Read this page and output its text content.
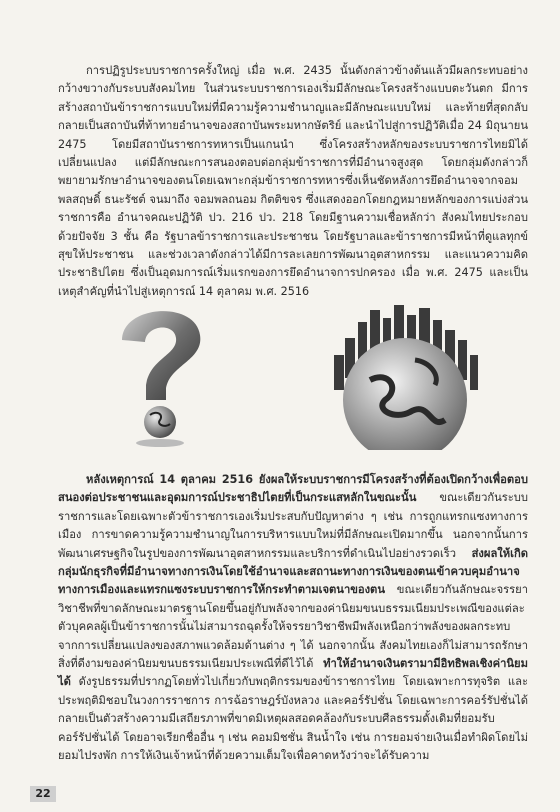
การปฏิรูประบบราชการครั้งใหญ่ เมื่อ พ.ศ. 2435 นั้นดังกล่าวข้างต้นแล้วมีผลกระทบอย่างกว้างขวางกับระบบสังคมไทย ในส่วนระบบราชการเองเริ่มมีลักษณะโครงสร้างแบบตะวันตก มีการสร้างสถาบันข้าราชการแบบใหม่ที่มีความรู้ความชำนาญและมีลักษณะแบบใหม่ และท้ายที่สุดกลับกลายเป็นสถาบันที่ท้าทายอำนาจของสถาบันพระมหากษัตริย์ และนำไปสู่การปฏิวัติเมื่อ 24 มิถุนายน 2475 โดยมีสถาบันราชการทหารเป็นแกนนำ ซึ่งโครงสร้างหลักของระบบราชการไทยมิได้เปลี่ยนแปลง แต่มีลักษณะการสนองตอบต่อกลุ่มข้าราชการที่มีอำนาจสูงสุด โดยกลุ่มดังกล่าวก็พยายามรักษาอำนาจของตนโดยเฉพาะกลุ่มข้าราชการทหารซึ่งเห็นชัดหลังการยึดอำนาจจากจอมพลสฤษดิ์ ธนะรัชต์ จนมาถึง จอมพลถนอม กิตติขจร ซึ่งแสดงออกโดยกฎหมายหลักของการแบ่งส่วนราชการคือ อำนาจคณะปฏิวัติ ปว. 216 ปว. 218 โดยมีฐานความเชื่อหลักว่า สังคมไทยประกอบด้วยปัจจัย 3 ชั้น คือ รัฐบาลข้าราชการและประชาชน โดยรัฐบาลและข้าราชการมีหน้าที่ดูแลทุกข์สุขให้ประชาชน และช่วงเวลาดังกล่าวได้มีการละเลยการพัฒนาอุตสาหกรรม และแนวความคิดประชาธิปไตย ซึ่งเป็นอุดมการณ์เริ่มแรกของการยึดอำนาจการปกครอง เมื่อ พ.ศ. 2475 และเป็นเหตุสำคัญที่นำไปสู่เหตุการณ์ 14 ตุลาคม พ.ศ. 2516

หลังเหตุการณ์ 14 ตุลาคม 2516 ยังผลให้ระบบราชการมีโครงสร้างที่ต้องเปิดกว้างเพื่อตอบสนองต่อประชาชนและอุดมการณ์ประชาธิปไตยที่เป็นกระแสหลักในขณะนั้น ขณะเดียวกันระบบราชการและโดยเฉพาะตัวข้าราชการเองเริ่มประสบกับปัญหาต่าง ๆ เช่น การถูกแทรกแซงทางการเมือง การขาดความรู้ความชำนาญในการบริหารแบบใหม่ที่มีลักษณะเปิดมากขึ้น นอกจากนั้นการพัฒนาเศรษฐกิจในรูปของการพัฒนาอุตสาหกรรมและบริการที่ดำเนินไปอย่างรวดเร็ว ส่งผลให้เกิดกลุ่มนักธุรกิจที่มีอำนาจทางการเงินโดยใช้อำนาจและสถานะทางการเงินของตนเข้าควบคุมอำนาจทางการเมืองและแทรกแซงระบบราชการให้กระทำตามเจตนาของตน ขณะเดียวกันลักษณะจรรยาวิชาชีพที่ขาดลักษณะมาตรฐานโดยขึ้นอยู่กับพลังจากของค่านิยมขนบธรรมเนียมประเพณีของแต่ละตัวบุคคลผู้เป็นข้าราชการนั้นไม่สามารถฉุดรั้งให้จรรยาวิชาชีพมีพลังเหนือกว่าพลังของผลกระทบจากการเปลี่ยนแปลงของสภาพแวดล้อมด้านต่าง ๆ ได้ นอกจากนั้น สังคมไทยเองก็ไม่สามารถรักษาสิ่งที่ดีงามของค่านิยมขนบธรรมเนียมประเพณีที่ดีไว้ได้ ทำให้อำนาจเงินตรามามีอิทธิพลเชิงค่านิยมได้ ดังรูปธรรมที่ปรากฏโดยทั่วไปเกี่ยวกับพฤติกรรมของข้าราชการไทย โดยเฉพาะการทุจริต และประพฤติมิชอบในวงการราชการ การฉ้อราษฎร์บังหลวง และคอร์รัปชั่น โดยเฉพาะการคอร์รัปชั่นได้กลายเป็นตัวสร้างความมีเสถียรภาพที่ขาดมิเหตุผลสอดคล้องกับระบบศีลธรรมดั้งเดิมที่ยอมรับคอร์รัปชั่นได้ โดยอาจเรียกชื่ออื่น ๆ เช่น คอมมิชชั่น สินน้ำใจ เช่น การยอมจ่ายเงินเมื่อทำผิดโดยไม่ยอมไปรงพัก การให้เงินเจ้าหน้าที่ด้วยความเต็มใจเพื่อคาดหวังว่าจะได้รับความ

22
